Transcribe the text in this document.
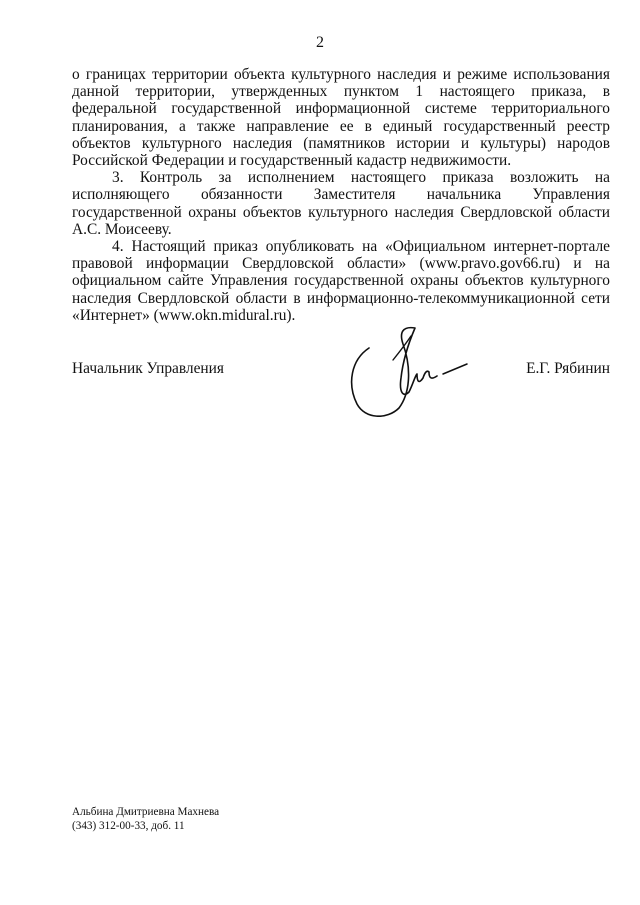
2

о границах территории объекта культурного наследия и режиме использования данной территории, утвержденных пунктом 1 настоящего приказа, в федеральной государственной информационной системе территориального планирования, а также направление ее в единый государственный реестр объектов культурного наследия (памятников истории и культуры) народов Российской Федерации и государственный кадастр недвижимости.

3. Контроль за исполнением настоящего приказа возложить на исполняющего обязанности Заместителя начальника Управления государственной охраны объектов культурного наследия Свердловской области А.С. Моисееву.

4. Настоящий приказ опубликовать на «Официальном интернет-портале правовой информации Свердловской области» (www.pravo.gov66.ru) и на официальном сайте Управления государственной охраны объектов культурного наследия Свердловской области в информационно-телекоммуникационной сети «Интернет» (www.okn.midural.ru).

Начальник Управления	Е.Г. Рябинин
Альбина Дмитриевна Махнева
(343) 312-00-33, доб. 11
